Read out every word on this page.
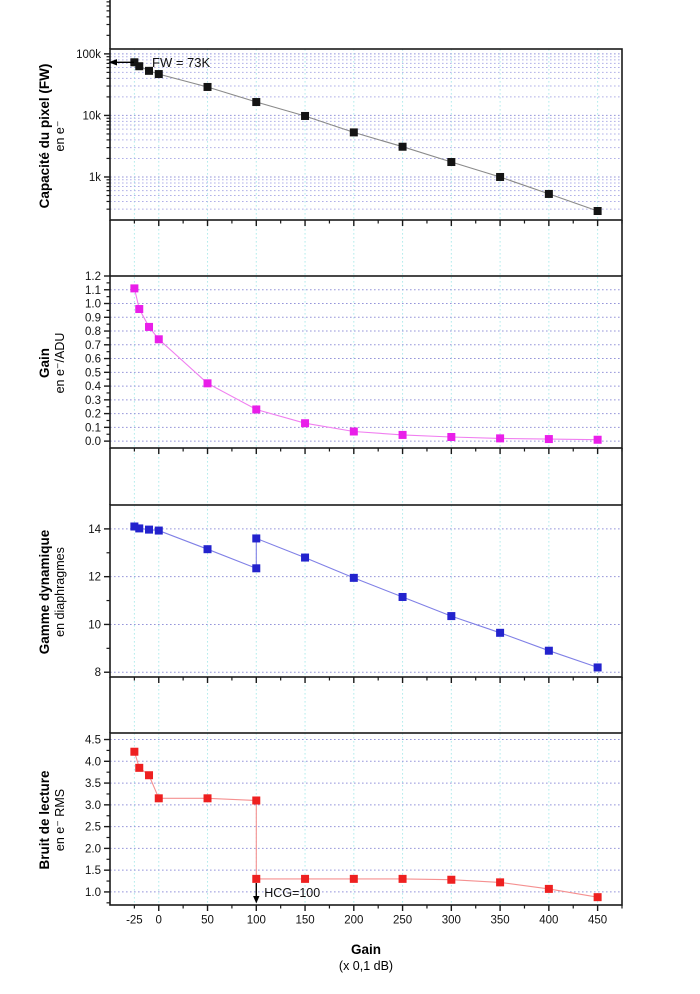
100k
10k
1k
FW = 73K
1.2
1.1
1.0
0.9
0.8
0.7
0.6
0.5
0.4
0.3
0.2
0.1
0.0
14
12
10
8
4.5
4.0
3.5
3.0
2.5
2.0
1.5
1.0	HCG=100
-25 0	50	100	150	200	250	300	350	400	450
Capacité du pixel (FW) en e⁻
Gain en e⁻/ADU
Gamme dynamique en diaphragmes
Bruit de lecture en e⁻ RMS
Gain
(x 0,1 dB)
